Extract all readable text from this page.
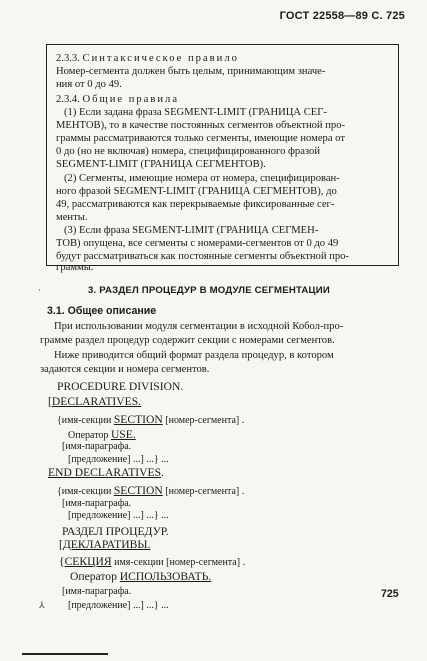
ГОСТ 22558—89 С. 725
2.3.3. Синтаксическое правило
Номер-сегмента должен быть целым, принимающим значе-
ния от 0 до 49.
2.3.4. Общие правила
(1) Если задана фраза SEGMENT-LIMIT (ГРАНИЦА СЕГ-
МЕНТОВ), то в качестве постоянных сегментов объектной про-
граммы рассматриваются только сегменты, имеющие номера от
0 до (но не включая) номера, специфицированного фразой
SEGMENT-LIMIT (ГРАНИЦА СЕГМЕНТОВ).
(2) Сегменты, имеющие номера от номера, специфицирован-
ного фразой SEGMENT-LIMIT (ГРАНИЦА СЕГМЕНТОВ), до
49, рассматриваются как перекрываемые фиксированные сег-
менты.
(3) Если фраза SEGMENT-LIMIT (ГРАНИЦА СЕГМЕН-
ТОВ) опущена, все сегменты с номерами-сегментов от 0 до 49
будут рассматриваться как постоянные сегменты объектной про-
граммы.
·	3. РАЗДЕЛ ПРОЦЕДУР В МОДУЛЕ СЕГМЕНТАЦИИ
3.1. Общее описание
При использовании модуля сегментации в исходной Кобол-про-
грамме раздел процедур содержит секции с номерами сегментов.
Ниже приводится общий формат раздела процедур, в котором
задаются секции и номера сегментов.
PROCEDURE DIVISION.
[DECLARATIVES.
{имя-секции SECTION [номер-сегмента] .
Оператор USE.
[имя-параграфа.
[предложение] ...] ...} ...
END DECLARATIVES.
{имя-секции SECTION [номер-сегмента] .
[имя-параграфа.
[предложение] ...] ...} ...
РАЗДЕЛ ПРОЦЕДУР.
[ДЕКЛАРАТИВЫ.
{СЕКЦИЯ имя-секции [номер-сегмента] .
Оператор ИСПОЛЬЗОВАТЬ.
[имя-параграфа.
[предложение] ...] ...} ...
⅄
725
